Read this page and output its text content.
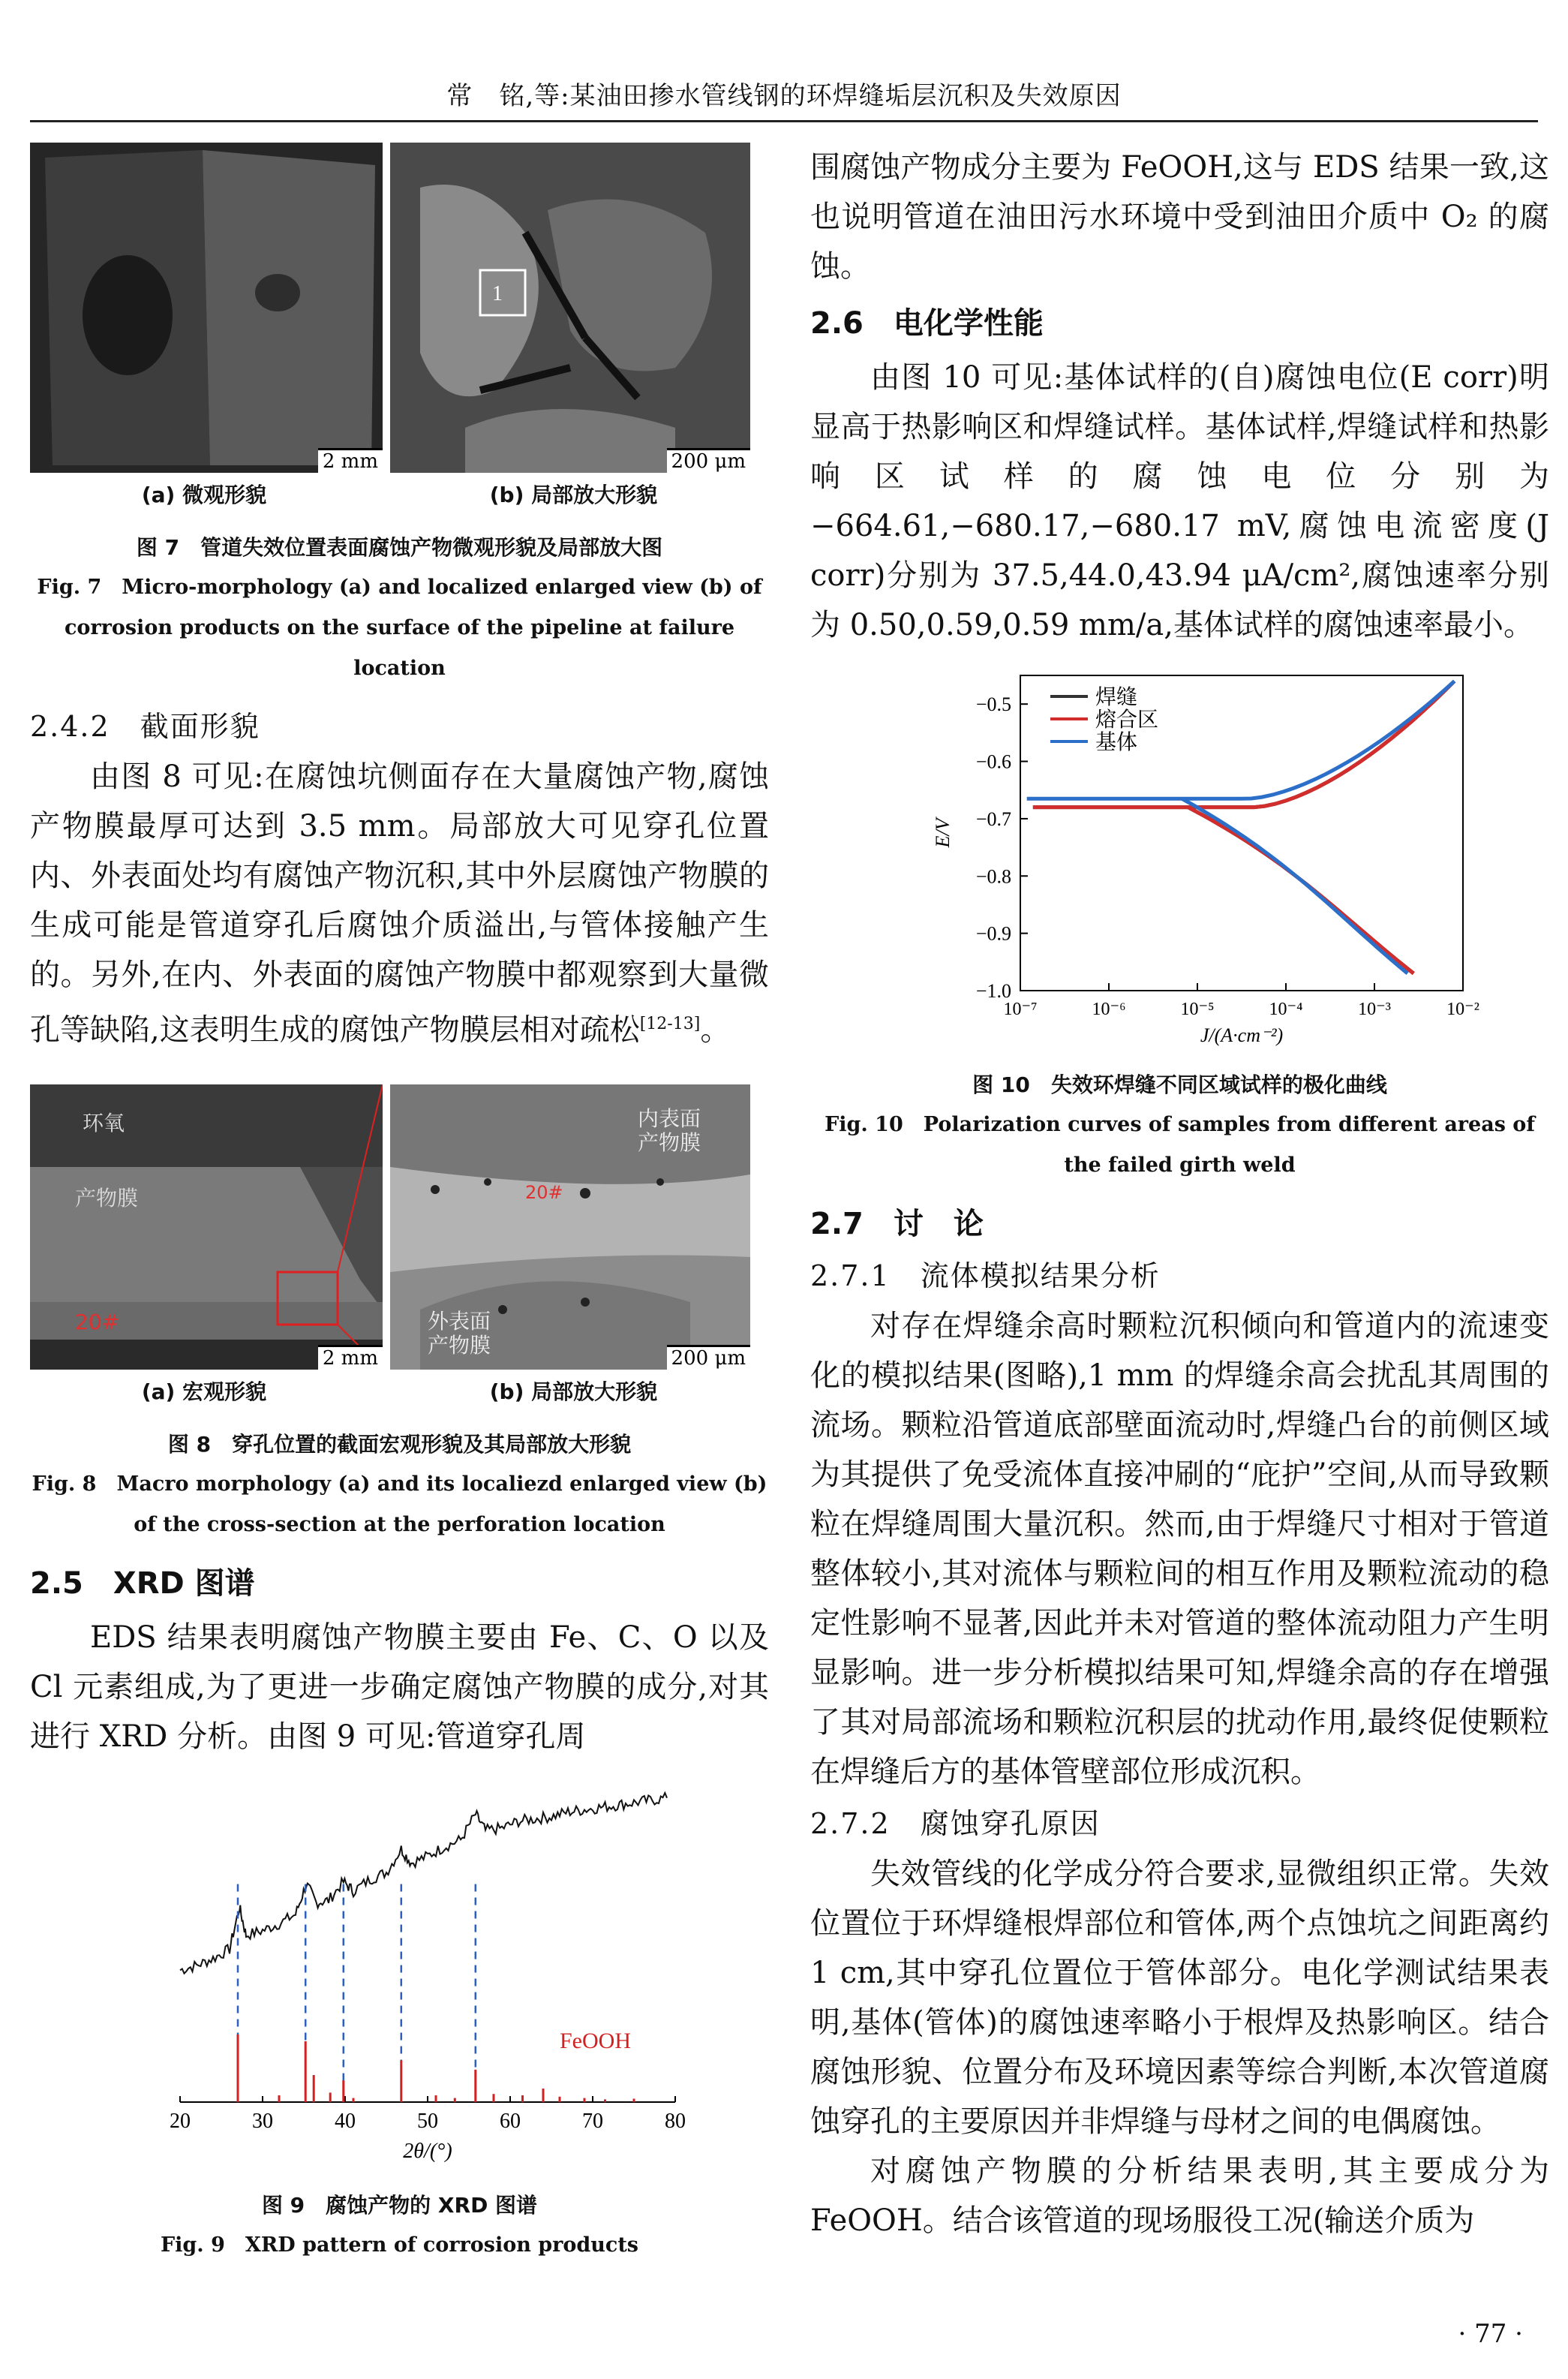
常　铭,等:某油田掺水管线钢的环焊缝垢层沉积及失效原因
2 mm
1
200 μm
(a) 微观形貌	(b) 局部放大形貌
图 7　管道失效位置表面腐蚀产物微观形貌及局部放大图
Fig. 7　Micro-morphology (a) and localized enlarged view (b) of corrosion products on the surface of the pipeline at failure location
2.4.2　截面形貌

由图 8 可见:在腐蚀坑侧面存在大量腐蚀产物,腐蚀产物膜最厚可达到 3.5 mm。局部放大可见穿孔位置内、外表面处均有腐蚀产物沉积,其中外层腐蚀产物膜的生成可能是管道穿孔后腐蚀介质溢出,与管体接触产生的。另外,在内、外表面的腐蚀产物膜中都观察到大量微孔等缺陷,这表明生成的腐蚀产物膜层相对疏松[12-13]。

环氧
产物膜
20#
2 mm
内表面
产物膜
20#
外表面
产物膜
200 μm
(a) 宏观形貌	(b) 局部放大形貌
图 8　穿孔位置的截面宏观形貌及其局部放大形貌
Fig. 8　Macro morphology (a) and its localiezd enlarged view (b) of the cross-section at the perforation location
2.5　XRD 图谱

EDS 结果表明腐蚀产物膜主要由 Fe、C、O 以及 Cl 元素组成,为了更进一步确定腐蚀产物膜的成分,对其进行 XRD 分析。由图 9 可见:管道穿孔周

20	30	40	50	60	70	80
2θ/(°)
FeOOH
图 9　腐蚀产物的 XRD 图谱
Fig. 9　XRD pattern of corrosion products

围腐蚀产物成分主要为 FeOOH,这与 EDS 结果一致,这也说明管道在油田污水环境中受到油田介质中 O₂ 的腐蚀。

2.6　电化学性能

由图 10 可见:基体试样的(自)腐蚀电位(E corr)明显高于热影响区和焊缝试样。基体试样,焊缝试样和热影响区试样的腐蚀电位分别为 −664.61,−680.17,−680.17 mV,腐蚀电流密度(J corr)分别为 37.5,44.0,43.94 μA/cm²,腐蚀速率分别为 0.50,0.59,0.59 mm/a,基体试样的腐蚀速率最小。

−0.5
−0.6
−0.7
−0.8
−0.9
−1.0
10⁻⁷	10⁻⁶	10⁻⁵	10⁻⁴	10⁻³	10⁻²
J/(A·cm⁻²)
E/V
焊缝
熔合区
基体
图 10　失效环焊缝不同区域试样的极化曲线
Fig. 10　Polarization curves of samples from different areas of the failed girth weld
2.7　讨　论
2.7.1　流体模拟结果分析

对存在焊缝余高时颗粒沉积倾向和管道内的流速变化的模拟结果(图略),1 mm 的焊缝余高会扰乱其周围的流场。颗粒沿管道底部壁面流动时,焊缝凸台的前侧区域为其提供了免受流体直接冲刷的“庇护”空间,从而导致颗粒在焊缝周围大量沉积。然而,由于焊缝尺寸相对于管道整体较小,其对流体与颗粒间的相互作用及颗粒流动的稳定性影响不显著,因此并未对管道的整体流动阻力产生明显影响。进一步分析模拟结果可知,焊缝余高的存在增强了其对局部流场和颗粒沉积层的扰动作用,最终促使颗粒在焊缝后方的基体管壁部位形成沉积。

2.7.2　腐蚀穿孔原因

失效管线的化学成分符合要求,显微组织正常。失效位置位于环焊缝根焊部位和管体,两个点蚀坑之间距离约 1 cm,其中穿孔位置位于管体部分。电化学测试结果表明,基体(管体)的腐蚀速率略小于根焊及热影响区。结合腐蚀形貌、位置分布及环境因素等综合判断,本次管道腐蚀穿孔的主要原因并非焊缝与母材之间的电偶腐蚀。

对腐蚀产物膜的分析结果表明,其主要成分为 FeOOH。结合该管道的现场服役工况(输送介质为

· 77 ·
